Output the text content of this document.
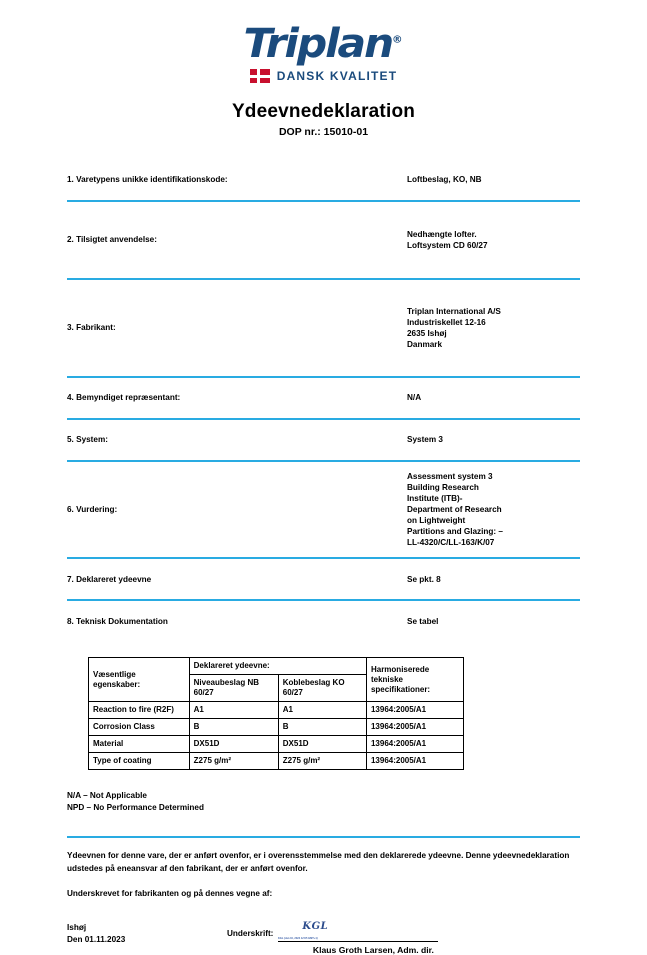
Triplan®
DANSK KVALITET
Ydeevnedeklaration
DOP nr.: 15010-01
1. Varetypens unikke identifikationskode:	Loftbeslag, KO, NB
2. Tilsigtet anvendelse:
Nedhængte lofter.
Loftsystem CD 60/27
3. Fabrikant:
Triplan International A/S
Industriskellet 12-16
2635 Ishøj
Danmark
4. Bemyndiget repræsentant:	N/A
5. System:	System 3
6. Vurdering:
Assessment system 3
Building Research
Institute (ITB)-
Department of Research
on Lightweight
Partitions and Glazing: –
LL-4320/C/LL-163/K/07
7. Deklareret ydeevne	Se pkt. 8
8. Teknisk Dokumentation	Se tabel
Væsentlige egenskaber:	Deklareret ydeevne:		Harmoniserede tekniske specifikationer:
	Niveaubeslag NB 60/27	Koblebeslag KO 60/27	
Reaction to fire (R2F)	A1	A1	13964:2005/A1
Corrosion Class	B	B	13964:2005/A1
Material	DX51D	DX51D	13964:2005/A1
Type of coating	Z275 g/m²	Z275 g/m²	13964:2005/A1
N/A – Not Applicable
NPD – No Performance Determined
Ydeevnen for denne vare, der er anført ovenfor, er i overensstemmelse med den deklarerede ydeevne. Denne ydeevnedeklaration udstedes på eneansvar af den fabrikant, der er anført ovenfor.
Underskrevet for fabrikanten og på dennes vegne af:
Ishøj
Den 01.11.2023
Underskrift:
KGL
KGL (Jan 10, 2024 12:05 GMT+1)
Klaus Groth Larsen, Adm. dir.
